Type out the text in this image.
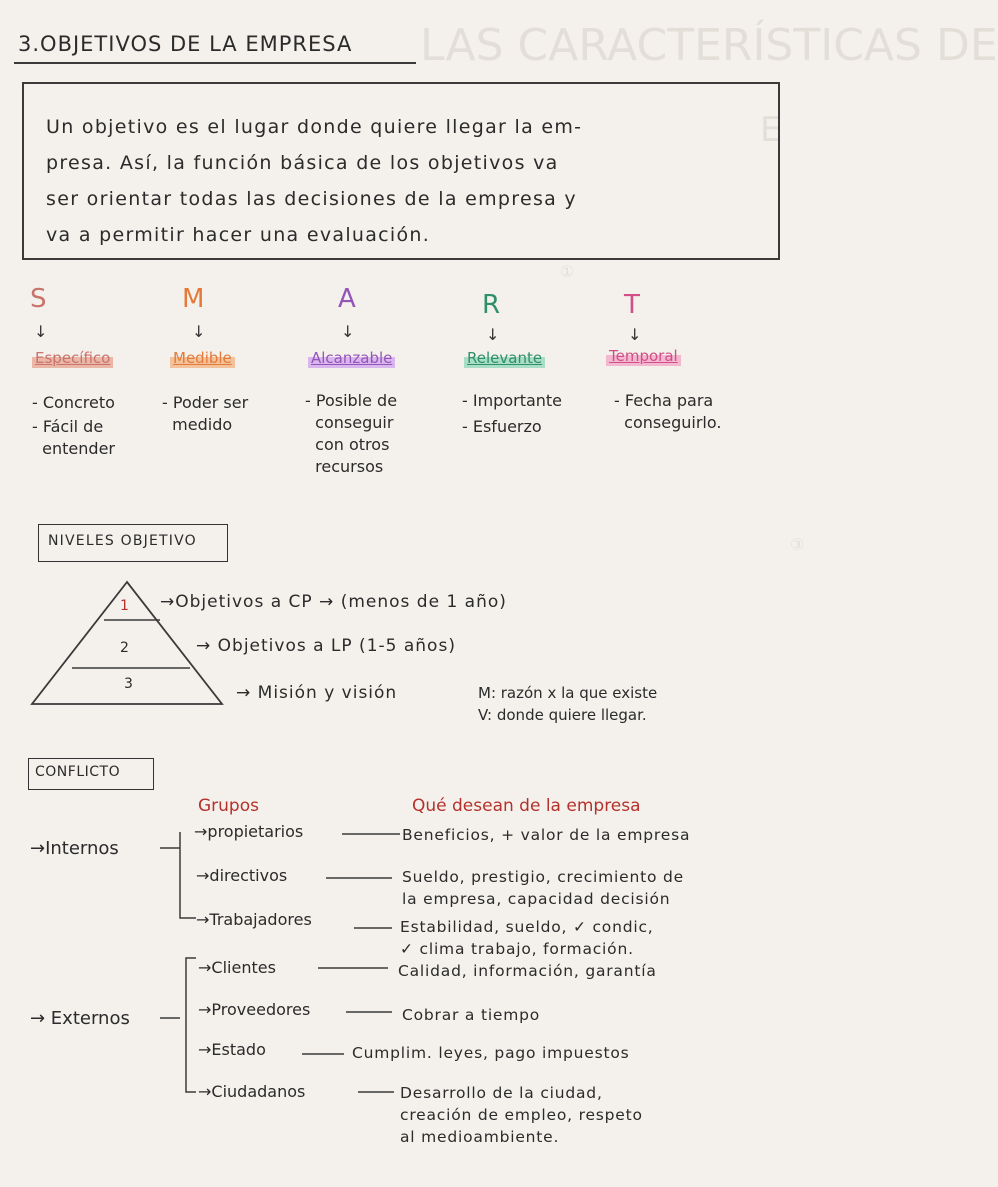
LAS CARACTERÍSTICAS DE
E
①
③
3.OBJETIVOS DE LA EMPRESA
Un objetivo es el lugar donde quiere llegar la em-
presa. Así, la función básica de los objetivos va
ser orientar todas las decisiones de la empresa y
va a permitir hacer una evaluación.
S
↓
Específico
- Concreto
- Fácil de
entender
M
↓
Medible
- Poder ser
medido
A
↓
Alcanzable
- Posible de
conseguir
con otros
recursos
R
↓
Relevante
- Importante
- Esfuerzo
T
↓
Temporal
- Fecha para
conseguirlo.
NIVELES OBJETIVO
1
2
3
→Objetivos a CP → (menos de 1 año)
→ Objetivos a LP (1-5 años)
→ Misión y visión	M: razón x la que existe
V: donde quiere llegar.
CONFLICTO
Grupos	Qué desean de la empresa
→Internos
→propietarios	Beneficios, + valor de la empresa
→directivos	Sueldo, prestigio, crecimiento de
la empresa, capacidad decisión
→Trabajadores	Estabilidad, sueldo, ✓ condic,
✓ clima trabajo, formación.
→ Externos
→Clientes	Calidad, información, garantía
→Proveedores	Cobrar a tiempo
→Estado	Cumplim. leyes, pago impuestos
→Ciudadanos	Desarrollo de la ciudad,
creación de empleo, respeto
al medioambiente.
